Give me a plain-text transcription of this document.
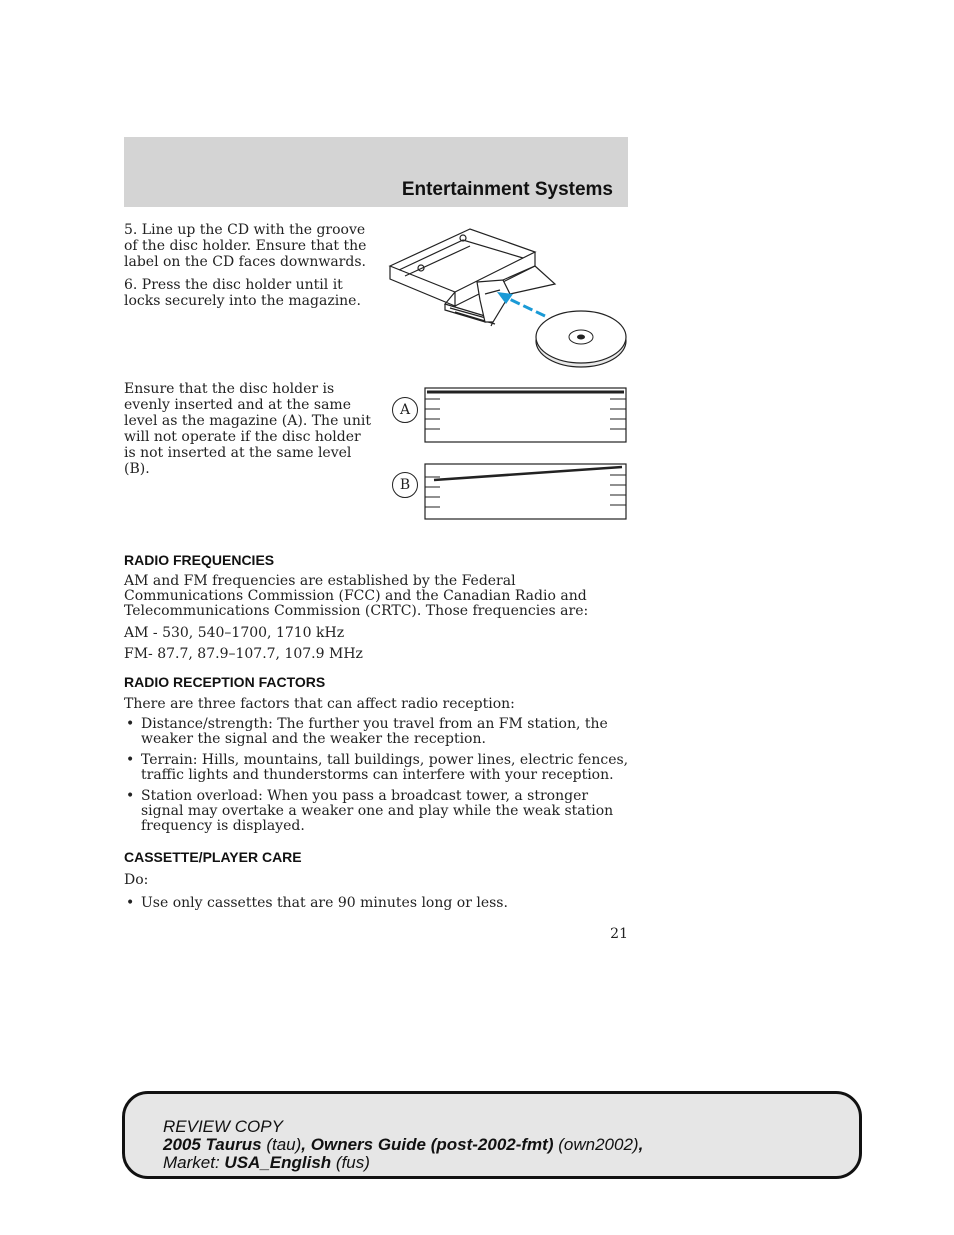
Entertainment Systems

5. Line up the CD with the groove of the disc holder. Ensure that the label on the CD faces downwards.

6. Press the disc holder until it locks securely into the magazine.

Ensure that the disc holder is evenly inserted and at the same level as the magazine (A). The unit will not operate if the disc holder is not inserted at the same level (B).

A
B
RADIO FREQUENCIES

AM and FM frequencies are established by the Federal Communications Commission (FCC) and the Canadian Radio and Telecommunications Commission (CRTC). Those frequencies are:

AM - 530, 540–1700, 1710 kHz

FM- 87.7, 87.9–107.7, 107.9 MHz

RADIO RECEPTION FACTORS

There are three factors that can affect radio reception:

• Distance/strength: The further you travel from an FM station, the weaker the signal and the weaker the reception.
• Terrain: Hills, mountains, tall buildings, power lines, electric fences, traffic lights and thunderstorms can interfere with your reception.
• Station overload: When you pass a broadcast tower, a stronger signal may overtake a weaker one and play while the weak station frequency is displayed.
CASSETTE/PLAYER CARE

Do:

• Use only cassettes that are 90 minutes long or less.
21
REVIEW COPY
2005 Taurus (tau), Owners Guide (post-2002-fmt) (own2002),
Market: USA_English (fus)
